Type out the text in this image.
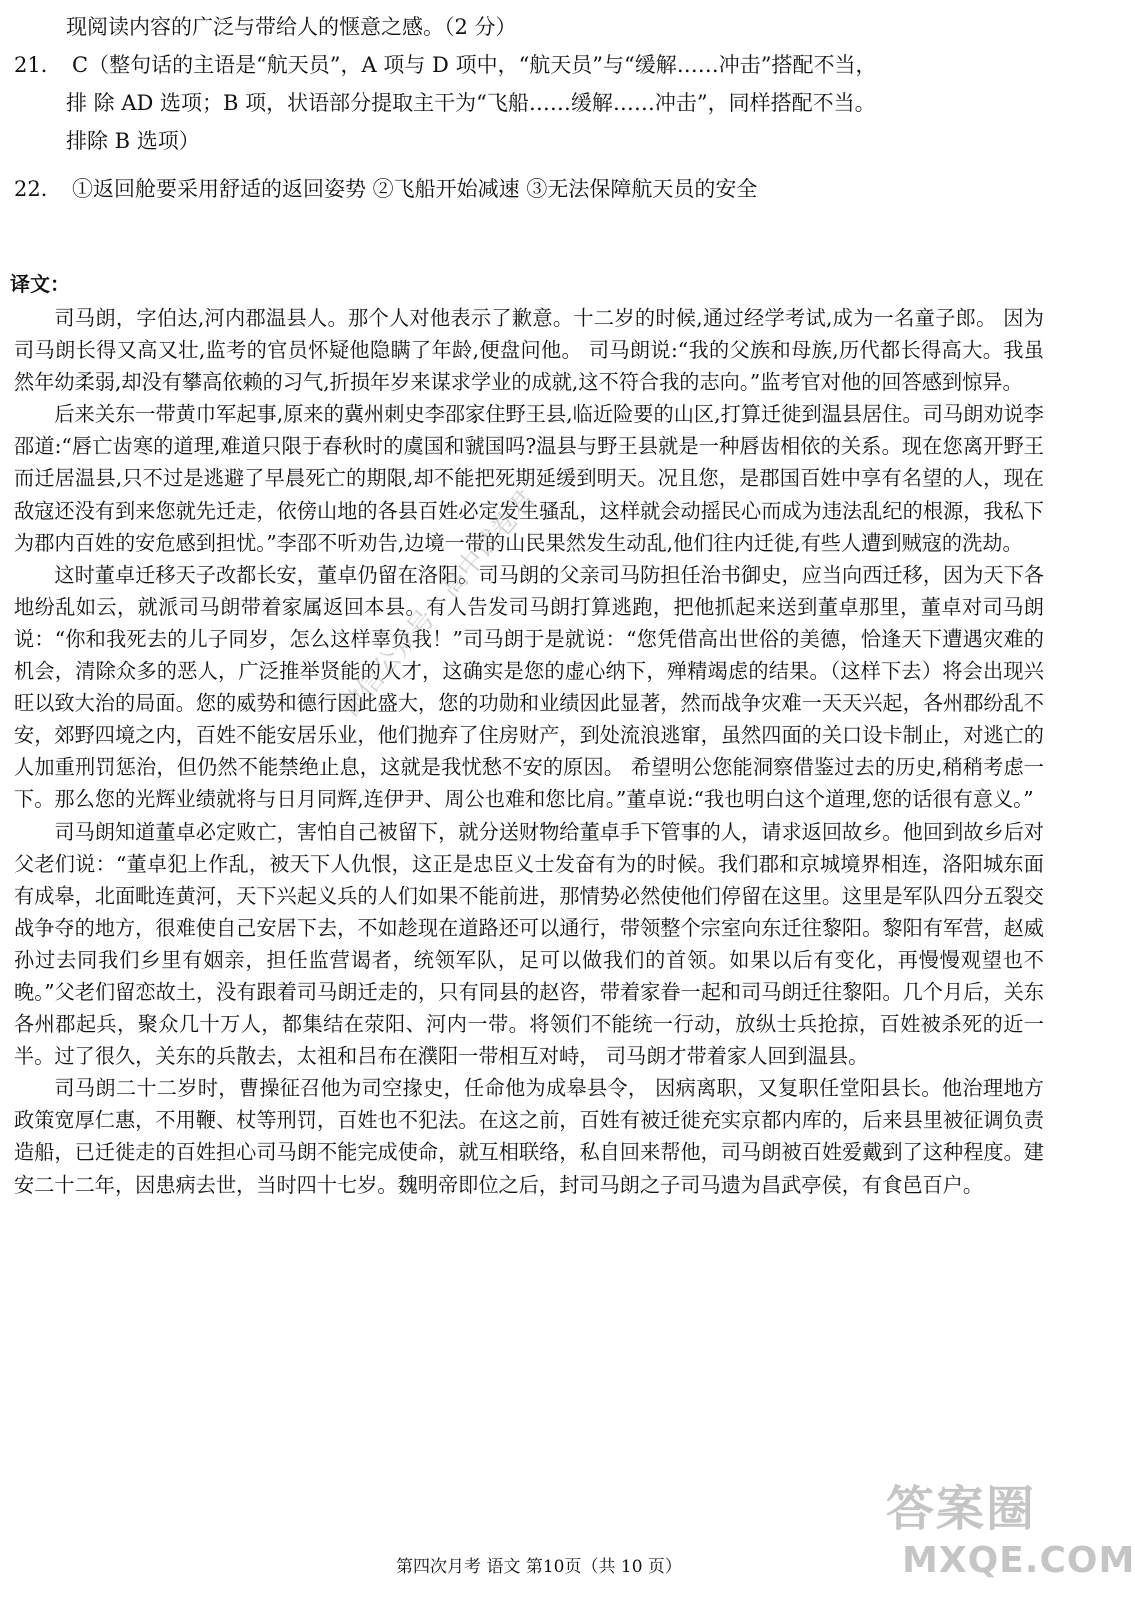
现阅读内容的广泛与带给人的惬意之感。（2 分）

21． C（整句话的主语是“航天员”，A 项与 D 项中，“航天员”与“缓解……冲击”搭配不当，

排 除 AD 选项；B 项，状语部分提取主干为“飞船……缓解……冲击”，同样搭配不当。

排除 B 选项）

22． ①返回舱要采用舒适的返回姿势 ②飞船开始减速 ③无法保障航天员的安全

译文：

司马朗，字伯达,河内郡温县人。那个人对他表示了歉意。十二岁的时候,通过经学考试,成为一名童子郎。 因为司马朗长得又高又壮,监考的官员怀疑他隐瞒了年龄,便盘问他。 司马朗说:“我的父族和母族,历代都长得高大。我虽然年幼柔弱,却没有攀高依赖的习气,折损年岁来谋求学业的成就,这不符合我的志向。”监考官对他的回答感到惊异。

后来关东一带黄巾军起事,原来的冀州刺史李邵家住野王县,临近险要的山区,打算迁徙到温县居住。司马朗劝说李邵道:“唇亡齿寒的道理,难道只限于春秋时的虞国和虢国吗?温县与野王县就是一种唇齿相依的关系。现在您离开野王而迁居温县,只不过是逃避了早晨死亡的期限,却不能把死期延缓到明天。况且您，是郡国百姓中享有名望的人，现在敌寇还没有到来您就先迁走，依傍山地的各县百姓必定发生骚乱，这样就会动摇民心而成为违法乱纪的根源，我私下为郡内百姓的安危感到担忧。”李邵不听劝告,边境一带的山民果然发生动乱,他们往内迁徙,有些人遭到贼寇的洗劫。

这时董卓迁移天子改都长安，董卓仍留在洛阳。司马朗的父亲司马防担任治书御史，应当向西迁移，因为天下各地纷乱如云，就派司马朗带着家属返回本县。有人告发司马朗打算逃跑，把他抓起来送到董卓那里，董卓对司马朗说：“你和我死去的儿子同岁，怎么这样辜负我！”司马朗于是就说：“您凭借高出世俗的美德，恰逢天下遭遇灾难的机会，清除众多的恶人，广泛推举贤能的人才，这确实是您的虚心纳下，殚精竭虑的结果。（这样下去）将会出现兴旺以致大治的局面。您的威势和德行因此盛大，您的功勋和业绩因此显著，然而战争灾难一天天兴起，各州郡纷乱不安，郊野四境之内，百姓不能安居乐业，他们抛弃了住房财产，到处流浪逃窜，虽然四面的关口设卡制止，对逃亡的人加重刑罚惩治，但仍然不能禁绝止息，这就是我忧愁不安的原因。 希望明公您能洞察借鉴过去的历史,稍稍考虑一下。那么您的光辉业绩就将与日月同辉,连伊尹、周公也难和您比肩。”董卓说:“我也明白这个道理,您的话很有意义。”

司马朗知道董卓必定败亡，害怕自己被留下，就分送财物给董卓手下管事的人，请求返回故乡。他回到故乡后对父老们说：“董卓犯上作乱，被天下人仇恨，这正是忠臣义士发奋有为的时候。我们郡和京城境界相连，洛阳城东面有成皋，北面毗连黄河，天下兴起义兵的人们如果不能前进，那情势必然使他们停留在这里。这里是军队四分五裂交战争夺的地方，很难使自己安居下去，不如趁现在道路还可以通行，带领整个宗室向东迁往黎阳。黎阳有军营，赵威孙过去同我们乡里有姻亲，担任监营谒者，统领军队，足可以做我们的首领。如果以后有变化，再慢慢观望也不晚。”父老们留恋故土，没有跟着司马朗迁走的，只有同县的赵咨，带着家眷一起和司马朗迁往黎阳。几个月后，关东各州郡起兵，聚众几十万人，都集结在荥阳、河内一带。将领们不能统一行动，放纵士兵抢掠，百姓被杀死的近一半。过了很久，关东的兵散去，太祖和吕布在濮阳一带相互对峙， 司马朗才带着家人回到温县。

司马朗二十二岁时，曹操征召他为司空掾史，任命他为成皋县令， 因病离职，又复职任堂阳县长。他治理地方政策宽厚仁惠，不用鞭、杖等刑罚，百姓也不犯法。在这之前，百姓有被迁徙充实京都内库的，后来县里被征调负责造船，已迁徙走的百姓担心司马朗不能完成使命，就互相联络，私自回来帮他，司马朗被百姓爱戴到了这种程度。建安二十二年，因患病去世，当时四十七岁。魏明帝即位之后，封司马朗之子司马遗为昌武亭侯，有食邑百户。

微信公众号：高中试卷君
答案圈
MXQE.COM
第四次月考 语文 第10页（共 10 页）
